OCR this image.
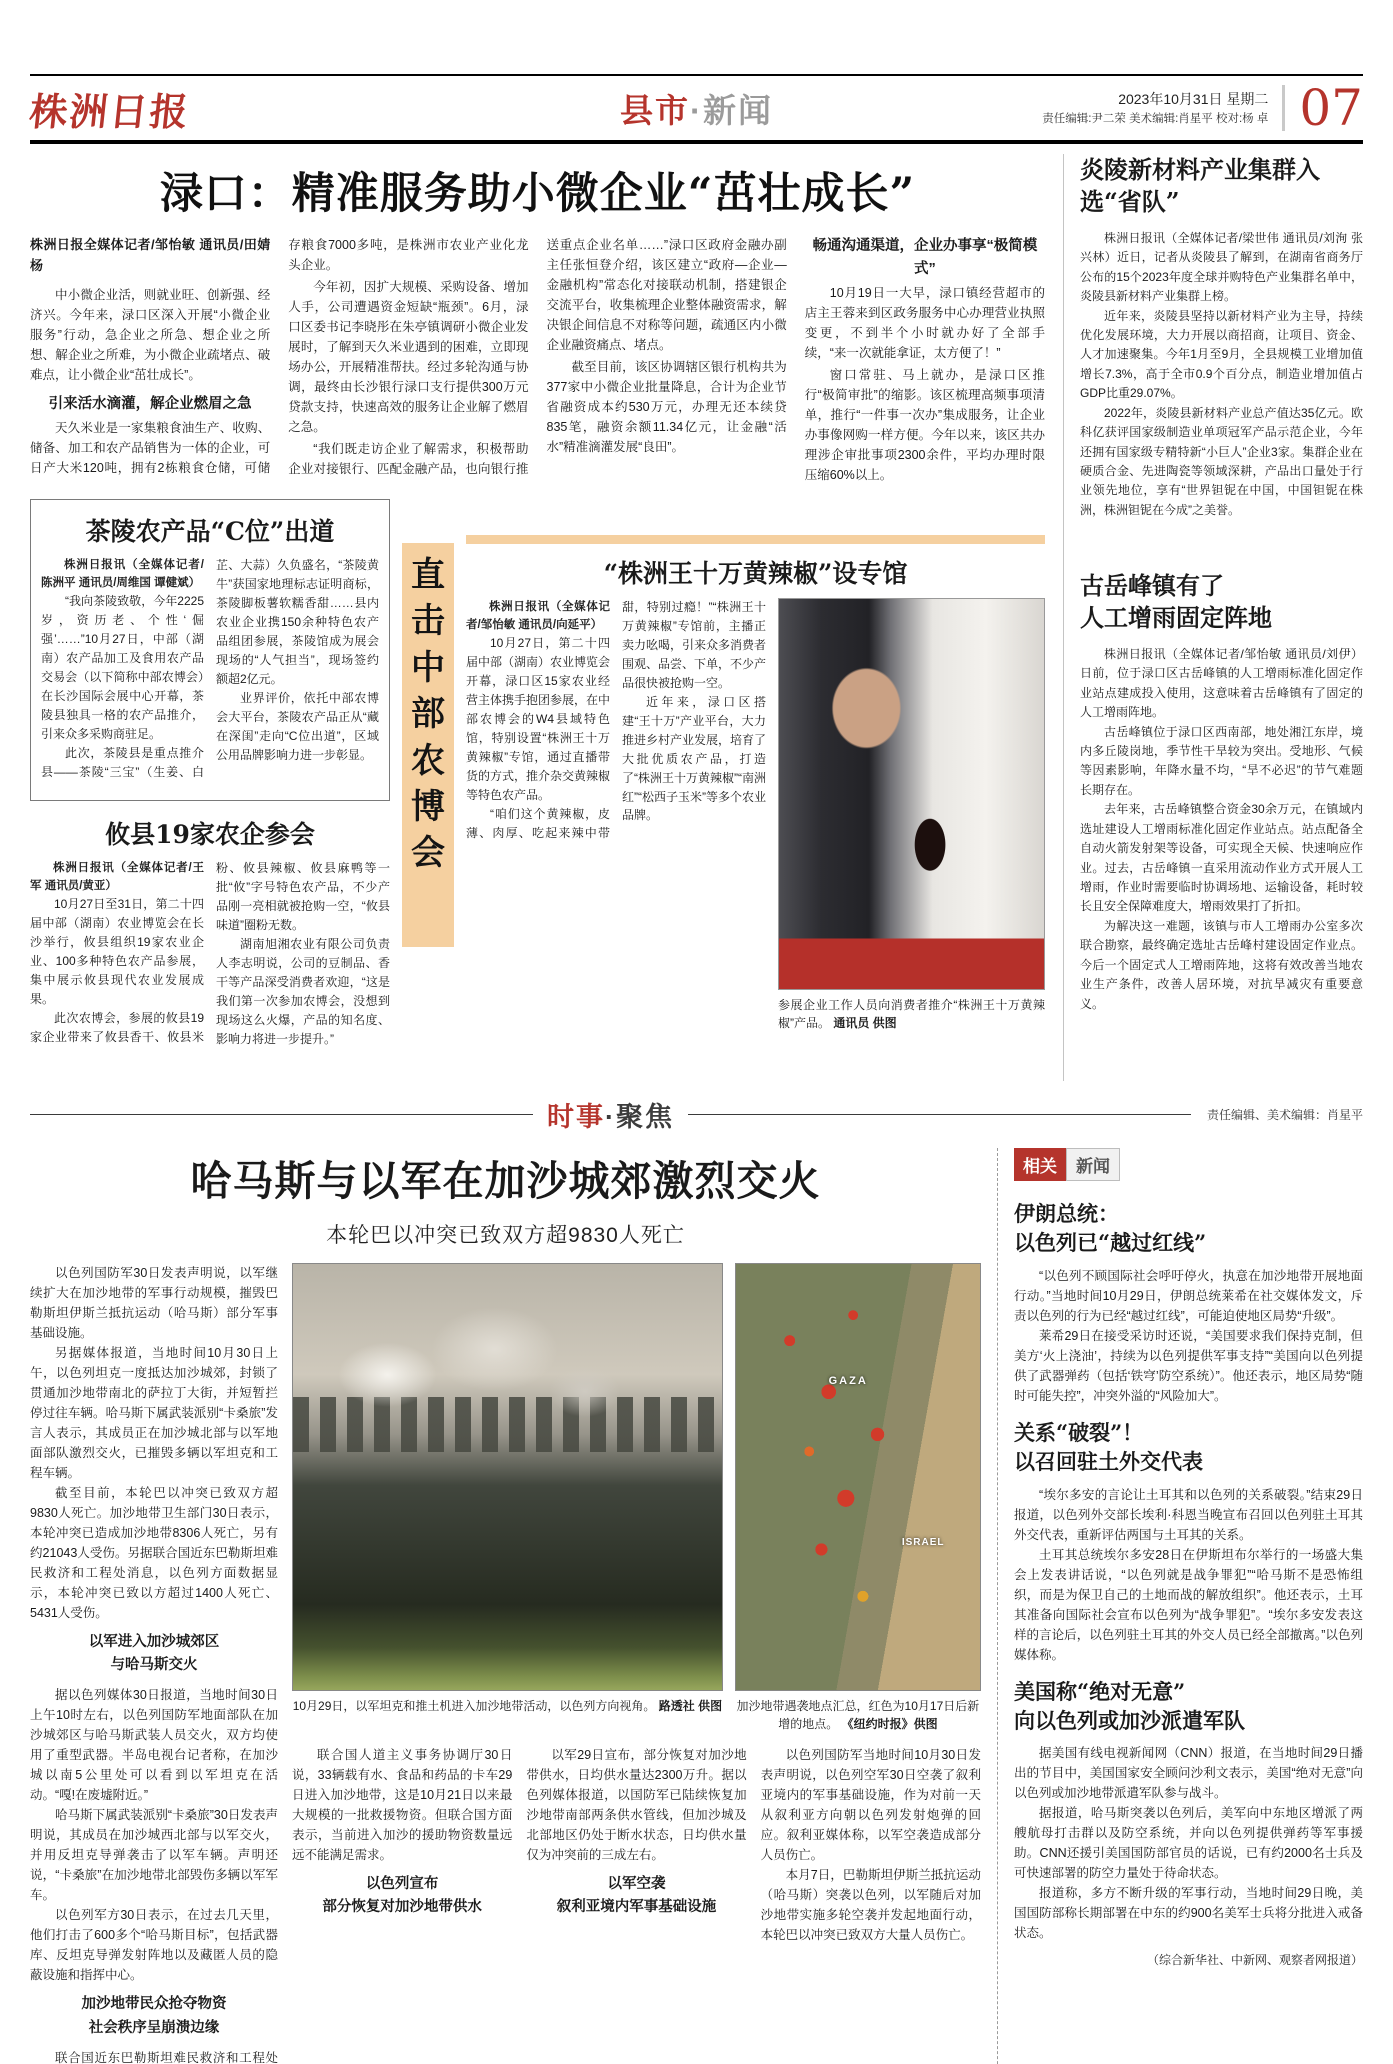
株洲日报	县市 ·新闻	2023年10月31日 星期二
责任编辑:尹二荣 美术编辑:肖星平 校对:杨 卓 07
渌口：精准服务助小微企业“茁壮成长”
株洲日报全媒体记者/邹怡敏 通讯员/田婧杨

中小微企业活，则就业旺、创新强、经济兴。今年来，渌口区深入开展“小微企业服务”行动，急企业之所急、想企业之所想、解企业之所难，为小微企业疏堵点、破难点，让小微企业“茁壮成长”。

引来活水滴灌，解企业燃眉之急

天久米业是一家集粮食油生产、收购、储备、加工和农产品销售为一体的企业，可日产大米120吨，拥有2栋粮食仓储，可储存粮食7000多吨，是株洲市农业产业化龙头企业。

今年初，因扩大规模、采购设备、增加人手，公司遭遇资金短缺“瓶颈”。6月，渌口区委书记李晓彤在朱亭镇调研小微企业发展时，了解到天久米业遇到的困难，立即现场办公，开展精准帮扶。经过多轮沟通与协调，最终由长沙银行渌口支行提供300万元贷款支持，快速高效的服务让企业解了燃眉之急。

“我们既走访企业了解需求，积极帮助企业对接银行、匹配金融产品，也向银行推送重点企业名单……”渌口区政府金融办副主任张恒登介绍，该区建立“政府—企业—金融机构”常态化对接联动机制，搭建银企交流平台，收集梳理企业整体融资需求，解决银企间信息不对称等问题，疏通区内小微企业融资痛点、堵点。

截至目前，该区协调辖区银行机构共为377家中小微企业批量降息，合计为企业节省融资成本约530万元，办理无还本续贷835笔，融资余额11.34亿元，让金融“活水”精准滴灌发展“良田”。

畅通沟通渠道，企业办事享“极简模式”

10月19日一大早，渌口镇经营超市的店主王蓉来到区政务服务中心办理营业执照变更，不到半个小时就办好了全部手续，“来一次就能拿证，太方便了！”

窗口常驻、马上就办，是渌口区推行“极简审批”的缩影。该区梳理高频事项清单，推行“一件事一次办”集成服务，让企业办事像网购一样方便。今年以来，该区共办理涉企审批事项2300余件，平均办理时限压缩60%以上。

茶陵农产品“C位”出道

株洲日报讯（全媒体记者/陈洲平 通讯员/周维国 谭健斌）

“我向茶陵致敬，今年2225岁，资历老、个性‘倔强’……”10月27日，中部（湖南）农产品加工及食用农产品交易会（以下简称中部农博会）在长沙国际会展中心开幕，茶陵县独具一格的农产品推介，引来众多采购商驻足。

此次，茶陵县是重点推介县——茶陵“三宝”（生姜、白芷、大蒜）久负盛名，“茶陵黄牛”获国家地理标志证明商标，茶陵脚板薯软糯香甜……县内农业企业携150余种特色农产品组团参展，茶陵馆成为展会现场的“人气担当”，现场签约额超2亿元。

业界评价，依托中部农博会大平台，茶陵农产品正从“藏在深闺”走向“C位出道”，区域公用品牌影响力进一步彰显。

攸县19家农企参会

株洲日报讯（全媒体记者/王军 通讯员/黄亚）

10月27日至31日，第二十四届中部（湖南）农业博览会在长沙举行，攸县组织19家农业企业、100多种特色农产品参展，集中展示攸县现代农业发展成果。

此次农博会，参展的攸县19家企业带来了攸县香干、攸县米粉、攸县辣椒、攸县麻鸭等一批“攸”字号特色农产品，不少产品刚一亮相就被抢购一空，“攸县味道”圈粉无数。

湖南旭湘农业有限公司负责人李志明说，公司的豆制品、香干等产品深受消费者欢迎，“这是我们第一次参加农博会，没想到现场这么火爆，产品的知名度、影响力将进一步提升。”

直
击
中
部
农
博
会
“株洲王十万黄辣椒”设专馆

株洲日报讯（全媒体记者/邹怡敏 通讯员/向延平）

10月27日，第二十四届中部（湖南）农业博览会开幕，渌口区15家农业经营主体携手抱团参展，在中部农博会的W4县域特色馆，特别设置“株洲王十万黄辣椒”专馆，通过直播带货的方式，推介杂交黄辣椒等特色农产品。

“咱们这个黄辣椒，皮薄、肉厚、吃起来辣中带甜，特别过瘾！”“株洲王十万黄辣椒”专馆前，主播正卖力吆喝，引来众多消费者围观、品尝、下单，不少产品很快被抢购一空。

近年来，渌口区搭建“王十万”产业平台，大力推进乡村产业发展，培育了大批优质农产品，打造了“株洲王十万黄辣椒”“南洲红”“松西子玉米”等多个农业品牌。

参展企业工作人员向消费者推介“株洲王十万黄辣椒”产品。 通讯员 供图
炎陵新材料产业集群入选“省队”

株洲日报讯（全媒体记者/梁世伟 通讯员/刘洵 张兴林）近日，记者从炎陵县了解到，在湖南省商务厅公布的15个2023年度全球并购特色产业集群名单中，炎陵县新材料产业集群上榜。

近年来，炎陵县坚持以新材料产业为主导，持续优化发展环境，大力开展以商招商，让项目、资金、人才加速聚集。今年1月至9月，全县规模工业增加值增长7.3%，高于全市0.9个百分点，制造业增加值占GDP比重29.07%。

2022年，炎陵县新材料产业总产值达35亿元。欧科亿获评国家级制造业单项冠军产品示范企业，今年还拥有国家级专精特新“小巨人”企业3家。集群企业在硬质合金、先进陶瓷等领域深耕，产品出口量处于行业领先地位，享有“世界钽铌在中国，中国钽铌在株洲，株洲钽铌在今成”之美誉。

古岳峰镇有了
人工增雨固定阵地

株洲日报讯（全媒体记者/邹怡敏 通讯员/刘伊）日前，位于渌口区古岳峰镇的人工增雨标准化固定作业站点建成投入使用，这意味着古岳峰镇有了固定的人工增雨阵地。

古岳峰镇位于渌口区西南部，地处湘江东岸，境内多丘陵岗地，季节性干旱较为突出。受地形、气候等因素影响，年降水量不均，“旱不必迟”的节气难题长期存在。

去年来，古岳峰镇整合资金30余万元，在镇域内选址建设人工增雨标准化固定作业站点。站点配备全自动火箭发射架等设备，可实现全天候、快速响应作业。过去，古岳峰镇一直采用流动作业方式开展人工增雨，作业时需要临时协调场地、运输设备，耗时较长且安全保障难度大，增雨效果打了折扣。

为解决这一难题，该镇与市人工增雨办公室多次联合勘察，最终确定选址古岳峰村建设固定作业点。今后一个固定式人工增雨阵地，这将有效改善当地农业生产条件，改善人居环境，对抗旱减灾有重要意义。

时事 ·聚焦	责任编辑、美术编辑：肖星平
哈马斯与以军在加沙城郊激烈交火
本轮巴以冲突已致双方超9830人死亡

以色列国防军30日发表声明说，以军继续扩大在加沙地带的军事行动规模，摧毁巴勒斯坦伊斯兰抵抗运动（哈马斯）部分军事基础设施。

另据媒体报道，当地时间10月30日上午，以色列坦克一度抵达加沙城郊，封锁了贯通加沙地带南北的萨拉丁大街，并短暂拦停过往车辆。哈马斯下属武装派别“卡桑旅”发言人表示，其成员正在加沙城北部与以军地面部队激烈交火，已摧毁多辆以军坦克和工程车辆。

截至目前，本轮巴以冲突已致双方超9830人死亡。加沙地带卫生部门30日表示，本轮冲突已造成加沙地带8306人死亡，另有约21043人受伤。另据联合国近东巴勒斯坦难民救济和工程处消息，以色列方面数据显示，本轮冲突已致以方超过1400人死亡、5431人受伤。

以军进入加沙城郊区
与哈马斯交火

据以色列媒体30日报道，当地时间30日上午10时左右，以色列国防军地面部队在加沙城郊区与哈马斯武装人员交火，双方均使用了重型武器。半岛电视台记者称，在加沙城以南5公里处可以看到以军坦克在活动。“嘎!在废墟附近。”

哈马斯下属武装派别“卡桑旅”30日发表声明说，其成员在加沙城西北部与以军交火，并用反坦克导弹袭击了以军车辆。声明还说，“卡桑旅”在加沙地带北部毁伤多辆以军军车。

以色列军方30日表示，在过去几天里，他们打击了600多个“哈马斯目标”，包括武器库、反坦克导弹发射阵地以及藏匿人员的隐蔽设施和指挥中心。

加沙地带民众抢夺物资
社会秩序呈崩溃边缘

联合国近东巴勒斯坦难民救济和工程处

10月29日，以军坦克和推土机进入加沙地带活动，以色列方向视角。 路透社 供图
GAZA
ISRAEL
加沙地带遇袭地点汇总，红色为10月17日后新增的地点。 《纽约时报》供图

联合国人道主义事务协调厅30日说，33辆载有水、食品和药品的卡车29日进入加沙地带，这是10月21日以来最大规模的一批救援物资。但联合国方面表示，当前进入加沙的援助物资数量远远不能满足需求。

以色列宣布
部分恢复对加沙地带供水

以军29日宣布，部分恢复对加沙地带供水，日均供水量达2300万升。据以色列媒体报道，以国防军已陆续恢复加沙地带南部两条供水管线，但加沙城及北部地区仍处于断水状态，日均供水量仅为冲突前的三成左右。

以军空袭
叙利亚境内军事基础设施

以色列国防军当地时间10月30日发表声明说，以色列空军30日空袭了叙利亚境内的军事基础设施，作为对前一天从叙利亚方向朝以色列发射炮弹的回应。叙利亚媒体称，以军空袭造成部分人员伤亡。

本月7日，巴勒斯坦伊斯兰抵抗运动（哈马斯）突袭以色列，以军随后对加沙地带实施多轮空袭并发起地面行动，本轮巴以冲突已致双方大量人员伤亡。

相关	新闻
伊朗总统：
以色列已“越过红线”

“以色列不顾国际社会呼吁停火，执意在加沙地带开展地面行动。”当地时间10月29日，伊朗总统莱希在社交媒体发文，斥责以色列的行为已经“越过红线”，可能迫使地区局势“升级”。

莱希29日在接受采访时还说，“美国要求我们保持克制，但美方‘火上浇油’，持续为以色列提供军事支持”“美国向以色列提供了武器弹药（包括‘铁穹’防空系统）”。他还表示，地区局势“随时可能失控”，冲突外溢的“风险加大”。

关系“破裂”！
以召回驻土外交代表

“埃尔多安的言论让土耳其和以色列的关系破裂。”结束29日报道，以色列外交部长埃利·科恩当晚宣布召回以色列驻土耳其外交代表，重新评估两国与土耳其的关系。

土耳其总统埃尔多安28日在伊斯坦布尔举行的一场盛大集会上发表讲话说，“以色列就是战争罪犯”“哈马斯不是恐怖组织，而是为保卫自己的土地而战的解放组织”。他还表示，土耳其准备向国际社会宣布以色列为“战争罪犯”。“埃尔多安发表这样的言论后，以色列驻土耳其的外交人员已经全部撤离。”以色列媒体称。

美国称“绝对无意”
向以色列或加沙派遣军队

据美国有线电视新闻网（CNN）报道，在当地时间29日播出的节目中，美国国家安全顾问沙利文表示，美国“绝对无意”向以色列或加沙地带派遣军队参与战斗。

据报道，哈马斯突袭以色列后，美军向中东地区增派了两艘航母打击群以及防空系统，并向以色列提供弹药等军事援助。CNN还援引美国国防部官员的话说，已有约2000名士兵及可快速部署的防空力量处于待命状态。

报道称，多方不断升级的军事行动，当地时间29日晚，美国国防部称长期部署在中东的约900名美军士兵将分批进入戒备状态。

（综合新华社、中新网、观察者网报道）
